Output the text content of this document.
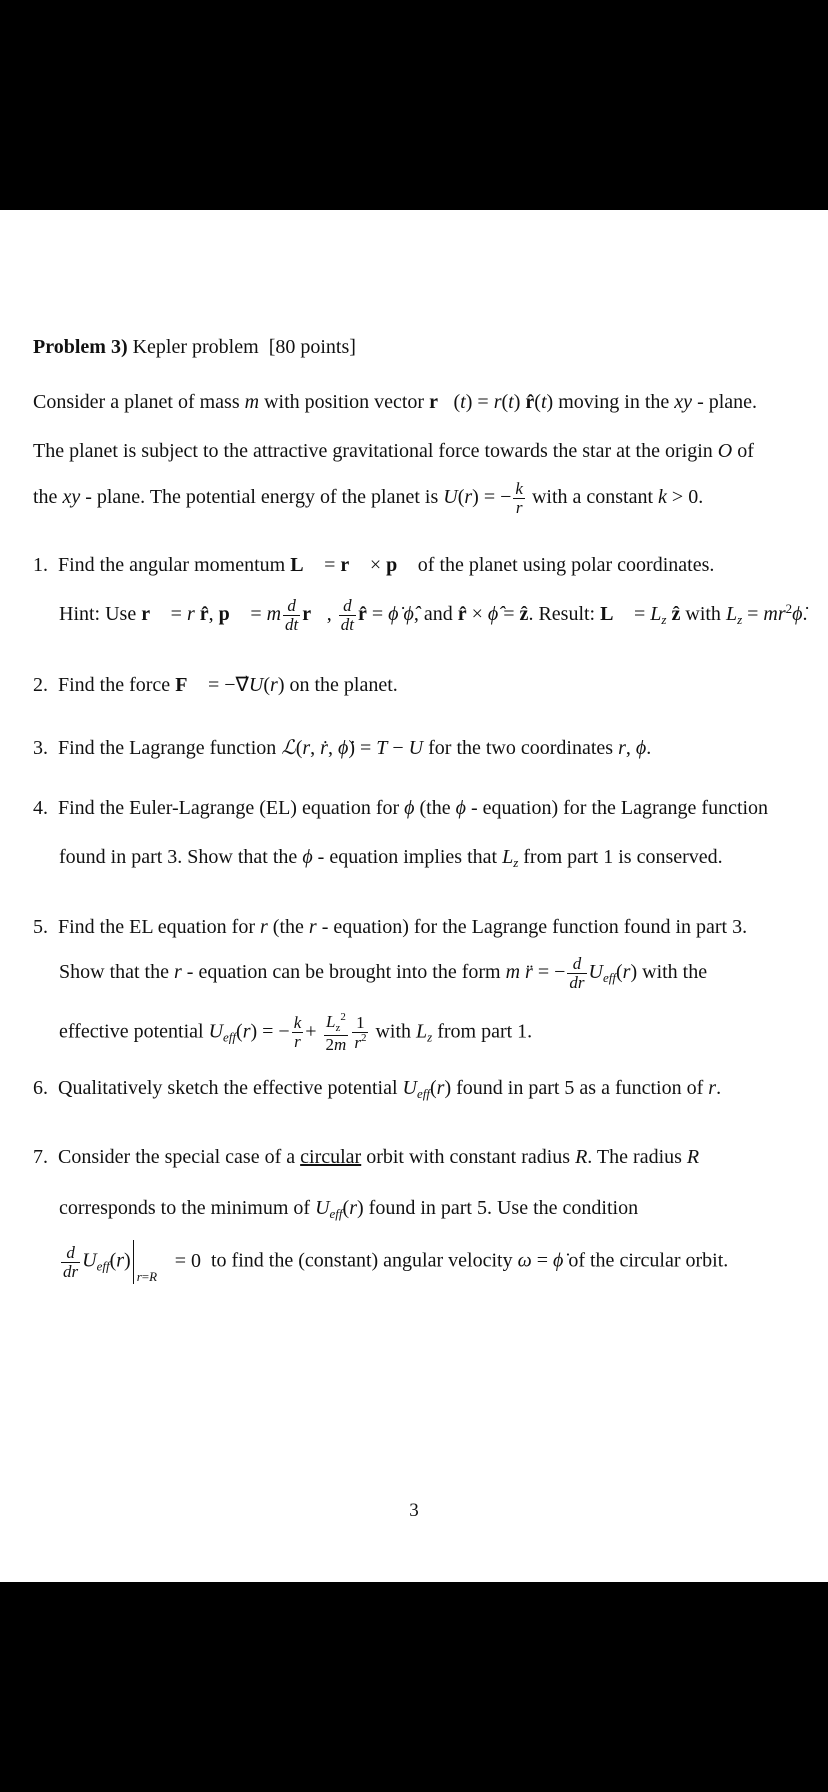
Problem 3) Kepler problem [80 points]
Consider a planet of mass m with position vector r⃗(t) = r(t) r̂(t) moving in the xy - plane.
The planet is subject to the attractive gravitational force towards the star at the origin O of
the xy - plane. The potential energy of the planet is U(r) = − $\frac{k}{r}$ with a constant k > 0.
1. Find the angular momentum L⃗ = r⃗ × p⃗ of the planet using polar coordinates.
Hint: Use r⃗ = r r̂, p⃗ = m $\frac{d}{dt}$ r⃗, $\frac{d}{dt}$ r̂ = ϕ̇ ϕ̂, and r̂ × ϕ̂ = ẑ. Result: L⃗ = $L_z$ ẑ with $L_z$ = $mr^2\phi̇$.
2. Find the force F⃗ = −∇⃗U(r) on the planet.
3. Find the Lagrange function ℒ(r, ṙ, ϕ̇) = T − U for the two coordinates r, ϕ.
4. Find the Euler-Lagrange (EL) equation for ϕ (the ϕ - equation) for the Lagrange function
found in part 3. Show that the ϕ - equation implies that $L_z$ from part 1 is conserved.
5. Find the EL equation for r (the r - equation) for the Lagrange function found in part 3.
Show that the r - equation can be brought into the form m r̈ = − $\frac{d}{dr} U_{eff}(r)$ with the
effective potential $U_{eff}(r)$ = − $\frac{k}{r} + \frac{L_z^2}{2m} \frac{1}{r^2}$ with $L_z$ from part 1.
6. Qualitatively sketch the effective potential $U_{eff}(r)$ found in part 5 as a function of r.
7. Consider the special case of a circular orbit with constant radius R. The radius R
corresponds to the minimum of $U_{eff}(r)$ found in part 5. Use the condition
$\frac{d}{dr} U_{eff}(r)$
r=R
= 0 to find the (constant) angular velocity ω = ϕ̇ of the circular orbit.
3
